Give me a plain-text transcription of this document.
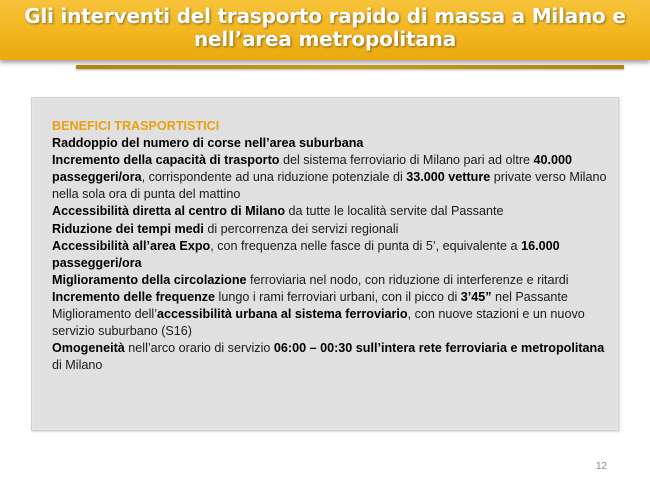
Gli interventi del trasporto rapido di massa a Milano e
nell’area metropolitana

BENEFICI TRASPORTISTICI

Raddoppio del numero di corse nell’area suburbana

Incremento della capacità di trasporto del sistema ferroviario di Milano pari ad oltre 40.000 passeggeri/ora, corrispondente ad una riduzione potenziale di 33.000 vetture private verso Milano nella sola ora di punta del mattino

Accessibilità diretta al centro di Milano da tutte le località servite dal Passante

Riduzione dei tempi medi di percorrenza dei servizi regionali

Accessibilità all’area Expo, con frequenza nelle fasce di punta di 5’, equivalente a 16.000 passeggeri/ora

Miglioramento della circolazione ferroviaria nel nodo, con riduzione di interferenze e ritardi

Incremento delle frequenze lungo i rami ferroviari urbani, con il picco di 3’45” nel Passante

Miglioramento dell’accessibilità urbana al sistema ferroviario, con nuove stazioni e un nuovo servizio suburbano (S16)

Omogeneità nell’arco orario di servizio 06:00 – 00:30 sull’intera rete ferroviaria e metropolitana di Milano

12
